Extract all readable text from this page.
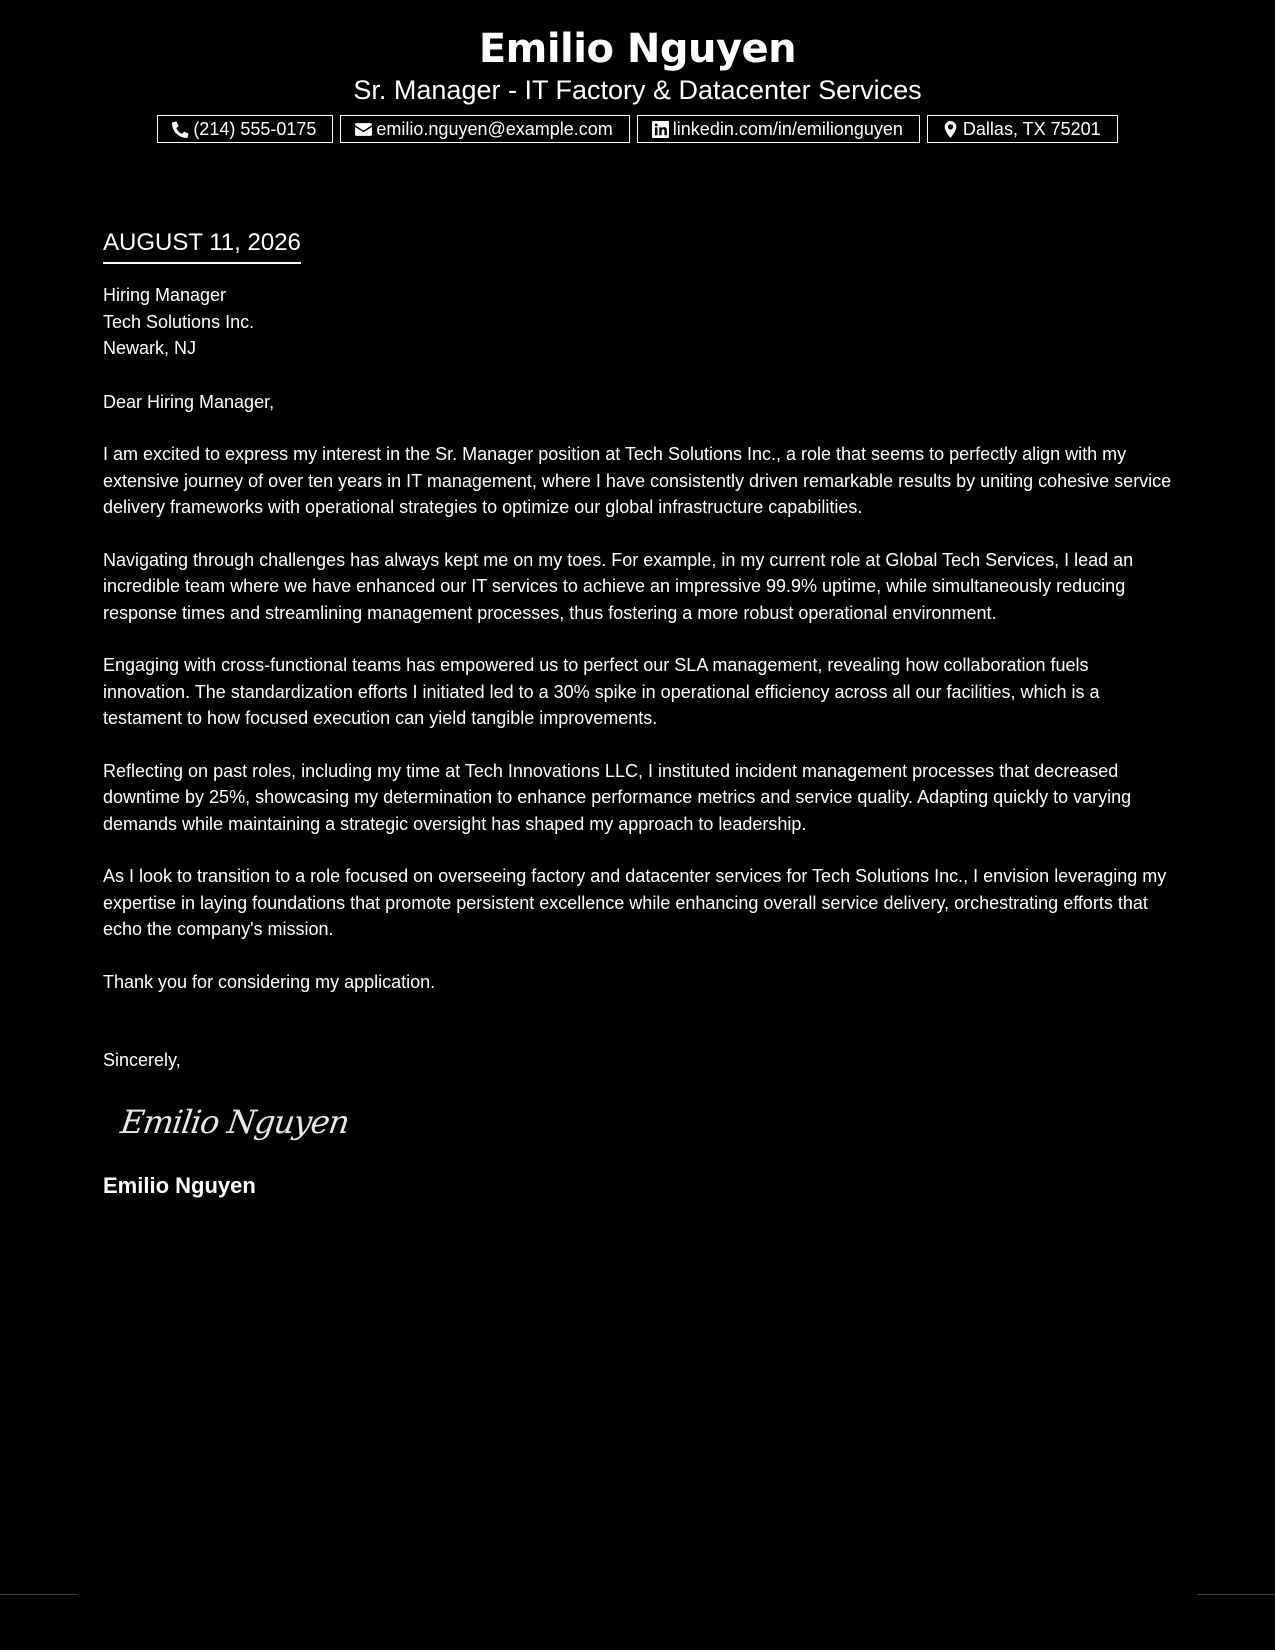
Emilio Nguyen
Sr. Manager - IT Factory & Datacenter Services
(214) 555-0175	emilio.nguyen@example.com	linkedin.com/in/emilionguyen	Dallas, TX 75201
AUGUST 11, 2026
Hiring Manager
Tech Solutions Inc.
Newark, NJ
Dear Hiring Manager,
I am excited to express my interest in the Sr. Manager position at Tech Solutions Inc., a role that seems to perfectly align with my extensive journey of over ten years in IT management, where I have consistently driven remarkable results by uniting cohesive service delivery frameworks with operational strategies to optimize our global infrastructure capabilities.
Navigating through challenges has always kept me on my toes. For example, in my current role at Global Tech Services, I lead an incredible team where we have enhanced our IT services to achieve an impressive 99.9% uptime, while simultaneously reducing response times and streamlining management processes, thus fostering a more robust operational environment.
Engaging with cross-functional teams has empowered us to perfect our SLA management, revealing how collaboration fuels innovation. The standardization efforts I initiated led to a 30% spike in operational efficiency across all our facilities, which is a testament to how focused execution can yield tangible improvements.
Reflecting on past roles, including my time at Tech Innovations LLC, I instituted incident management processes that decreased downtime by 25%, showcasing my determination to enhance performance metrics and service quality. Adapting quickly to varying demands while maintaining a strategic oversight has shaped my approach to leadership.
As I look to transition to a role focused on overseeing factory and datacenter services for Tech Solutions Inc., I envision leveraging my expertise in laying foundations that promote persistent excellence while enhancing overall service delivery, orchestrating efforts that echo the company's mission.
Thank you for considering my application.
Sincerely,
Emilio Nguyen
Emilio Nguyen
